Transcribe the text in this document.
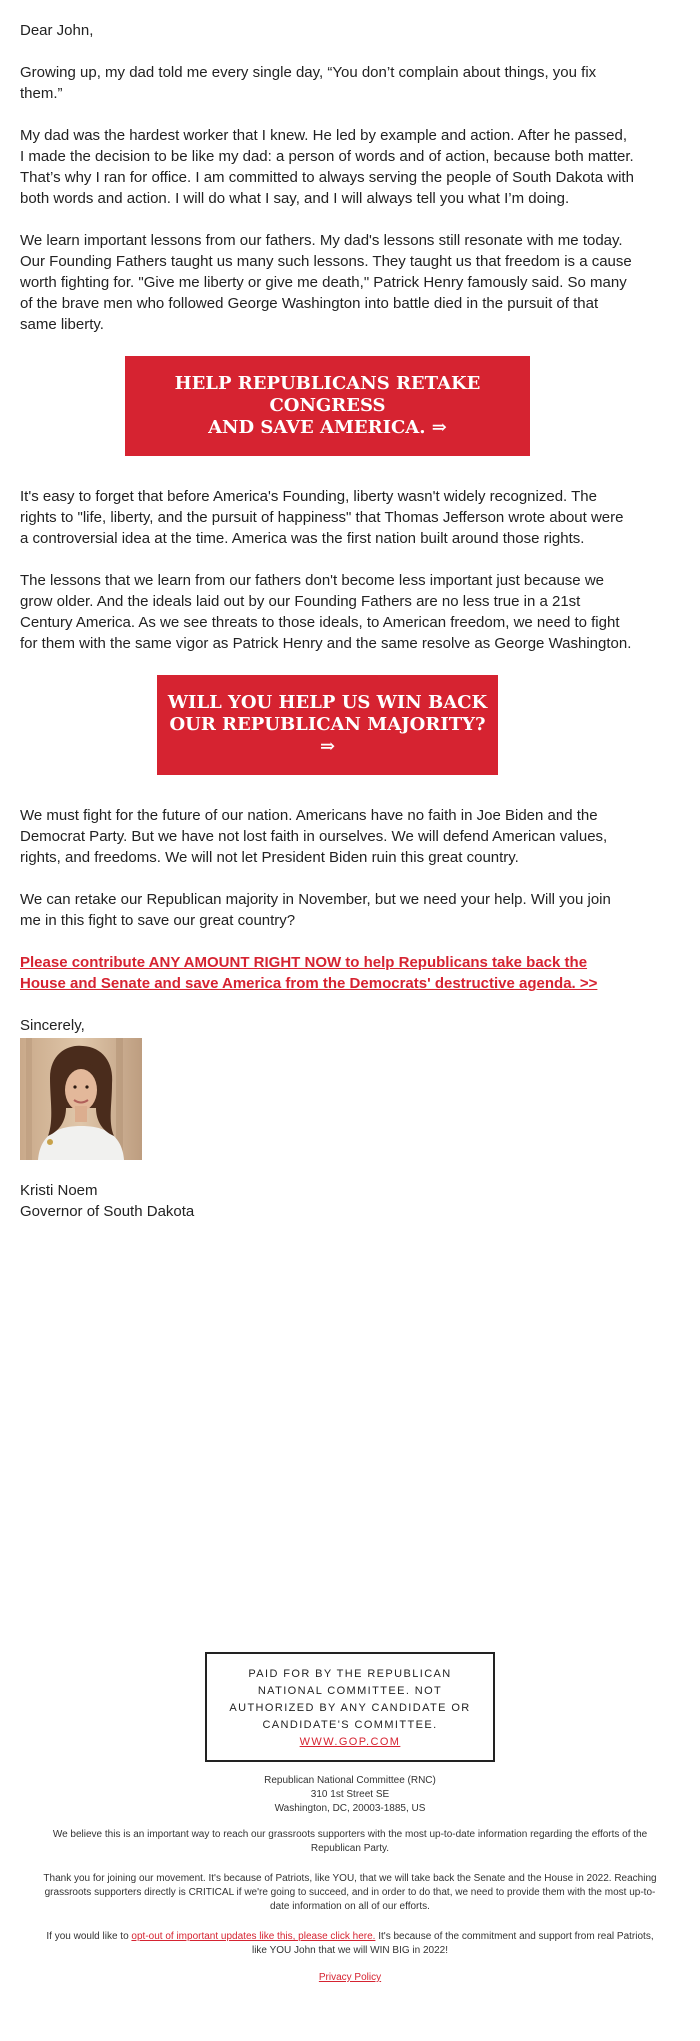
Dear John,

Growing up, my dad told me every single day, “You don’t complain about things, you fix them.”

My dad was the hardest worker that I knew. He led by example and action. After he passed, I made the decision to be like my dad: a person of words and of action, because both matter. That’s why I ran for office. I am committed to always serving the people of South Dakota with both words and action. I will do what I say, and I will always tell you what I’m doing.

We learn important lessons from our fathers. My dad's lessons still resonate with me today. Our Founding Fathers taught us many such lessons. They taught us that freedom is a cause worth fighting for. "Give me liberty or give me death," Patrick Henry famously said. So many of the brave men who followed George Washington into battle died in the pursuit of that same liberty.

HELP REPUBLICANS RETAKE CONGRESS
AND SAVE AMERICA. ⇒

It's easy to forget that before America's Founding, liberty wasn't widely recognized. The rights to "life, liberty, and the pursuit of happiness" that Thomas Jefferson wrote about were a controversial idea at the time. America was the first nation built around those rights.

The lessons that we learn from our fathers don't become less important just because we grow older. And the ideals laid out by our Founding Fathers are no less true in a 21st Century America. As we see threats to those ideals, to American freedom, we need to fight for them with the same vigor as Patrick Henry and the same resolve as George Washington.

WILL YOU HELP US WIN BACK
OUR REPUBLICAN MAJORITY? ⇒

We must fight for the future of our nation. Americans have no faith in Joe Biden and the Democrat Party. But we have not lost faith in ourselves. We will defend American values, rights, and freedoms. We will not let President Biden ruin this great country.

We can retake our Republican majority in November, but we need your help. Will you join me in this fight to save our great country?

Please contribute ANY AMOUNT RIGHT NOW to help Republicans take back the House and Senate and save America from the Democrats' destructive agenda. >>

Sincerely,

Kristi Noem

Governor of South Dakota

PAID FOR BY THE REPUBLICAN NATIONAL COMMITTEE. NOT AUTHORIZED BY ANY CANDIDATE OR CANDIDATE'S COMMITTEE.
WWW.GOP.COM
Republican National Committee (RNC)
310 1st Street SE
Washington, DC, 20003-1885, US
We believe this is an important way to reach our grassroots supporters with the most up-to-date information regarding the efforts of the Republican Party.
Thank you for joining our movement. It's because of Patriots, like YOU, that we will take back the Senate and the House in 2022. Reaching grassroots supporters directly is CRITICAL if we're going to succeed, and in order to do that, we need to provide them with the most up-to-date information on all of our efforts.
If you would like to opt-out of important updates like this, please click here. It's because of the commitment and support from real Patriots, like YOU John that we will WIN BIG in 2022!
Privacy Policy
